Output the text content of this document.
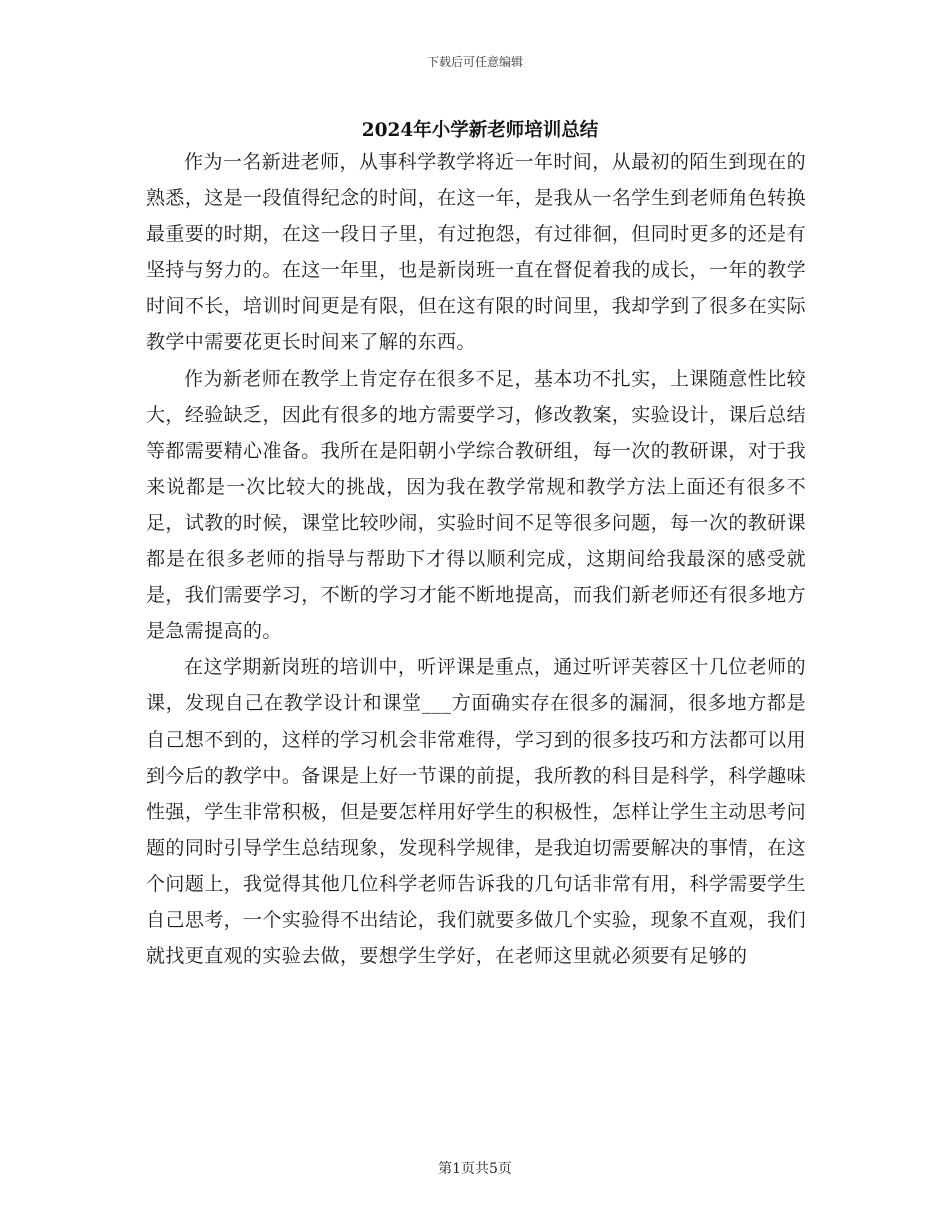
下载后可任意编辑
2024年小学新老师培训总结

作为一名新进老师，从事科学教学将近一年时间，从最初的陌生到现在的熟悉，这是一段值得纪念的时间，在这一年，是我从一名学生到老师角色转换最重要的时期，在这一段日子里，有过抱怨，有过徘徊，但同时更多的还是有坚持与努力的。在这一年里，也是新岗班一直在督促着我的成长，一年的教学时间不长，培训时间更是有限，但在这有限的时间里，我却学到了很多在实际教学中需要花更长时间来了解的东西。

作为新老师在教学上肯定存在很多不足，基本功不扎实，上课随意性比较大，经验缺乏，因此有很多的地方需要学习，修改教案，实验设计，课后总结等都需要精心准备。我所在是阳朝小学综合教研组，每一次的教研课，对于我来说都是一次比较大的挑战，因为我在教学常规和教学方法上面还有很多不足，试教的时候，课堂比较吵闹，实验时间不足等很多问题，每一次的教研课都是在很多老师的指导与帮助下才得以顺利完成，这期间给我最深的感受就是，我们需要学习，不断的学习才能不断地提高，而我们新老师还有很多地方是急需提高的。

在这学期新岗班的培训中，听评课是重点，通过听评芙蓉区十几位老师的课，发现自己在教学设计和课堂___方面确实存在很多的漏洞，很多地方都是自己想不到的，这样的学习机会非常难得，学习到的很多技巧和方法都可以用到今后的教学中。备课是上好一节课的前提，我所教的科目是科学，科学趣味性强，学生非常积极，但是要怎样用好学生的积极性，怎样让学生主动思考问题的同时引导学生总结现象，发现科学规律，是我迫切需要解决的事情，在这个问题上，我觉得其他几位科学老师告诉我的几句话非常有用，科学需要学生自己思考，一个实验得不出结论，我们就要多做几个实验，现象不直观，我们就找更直观的实验去做，要想学生学好，在老师这里就必须要有足够的

第1页共5页
